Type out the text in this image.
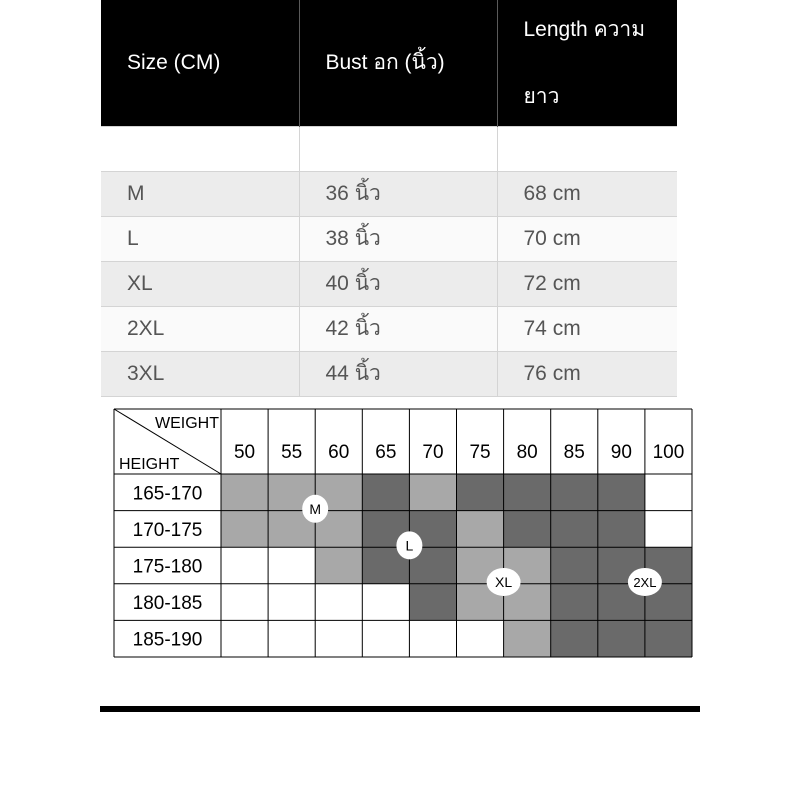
Size (CM)	Bust อก (นิ้ว)	Length ความ
ยาว

M	36 นิ้ว	68 cm
L	38 นิ้ว	70 cm
XL	40 นิ้ว	72 cm
2XL	42 นิ้ว	74 cm
3XL	44 นิ้ว	76 cm
WEIGHT
HEIGHT
50 55 60 65 70 75 80 85 90 100
165-170
170-175
175-180
180-185
185-190
M
L
XL	2XL
